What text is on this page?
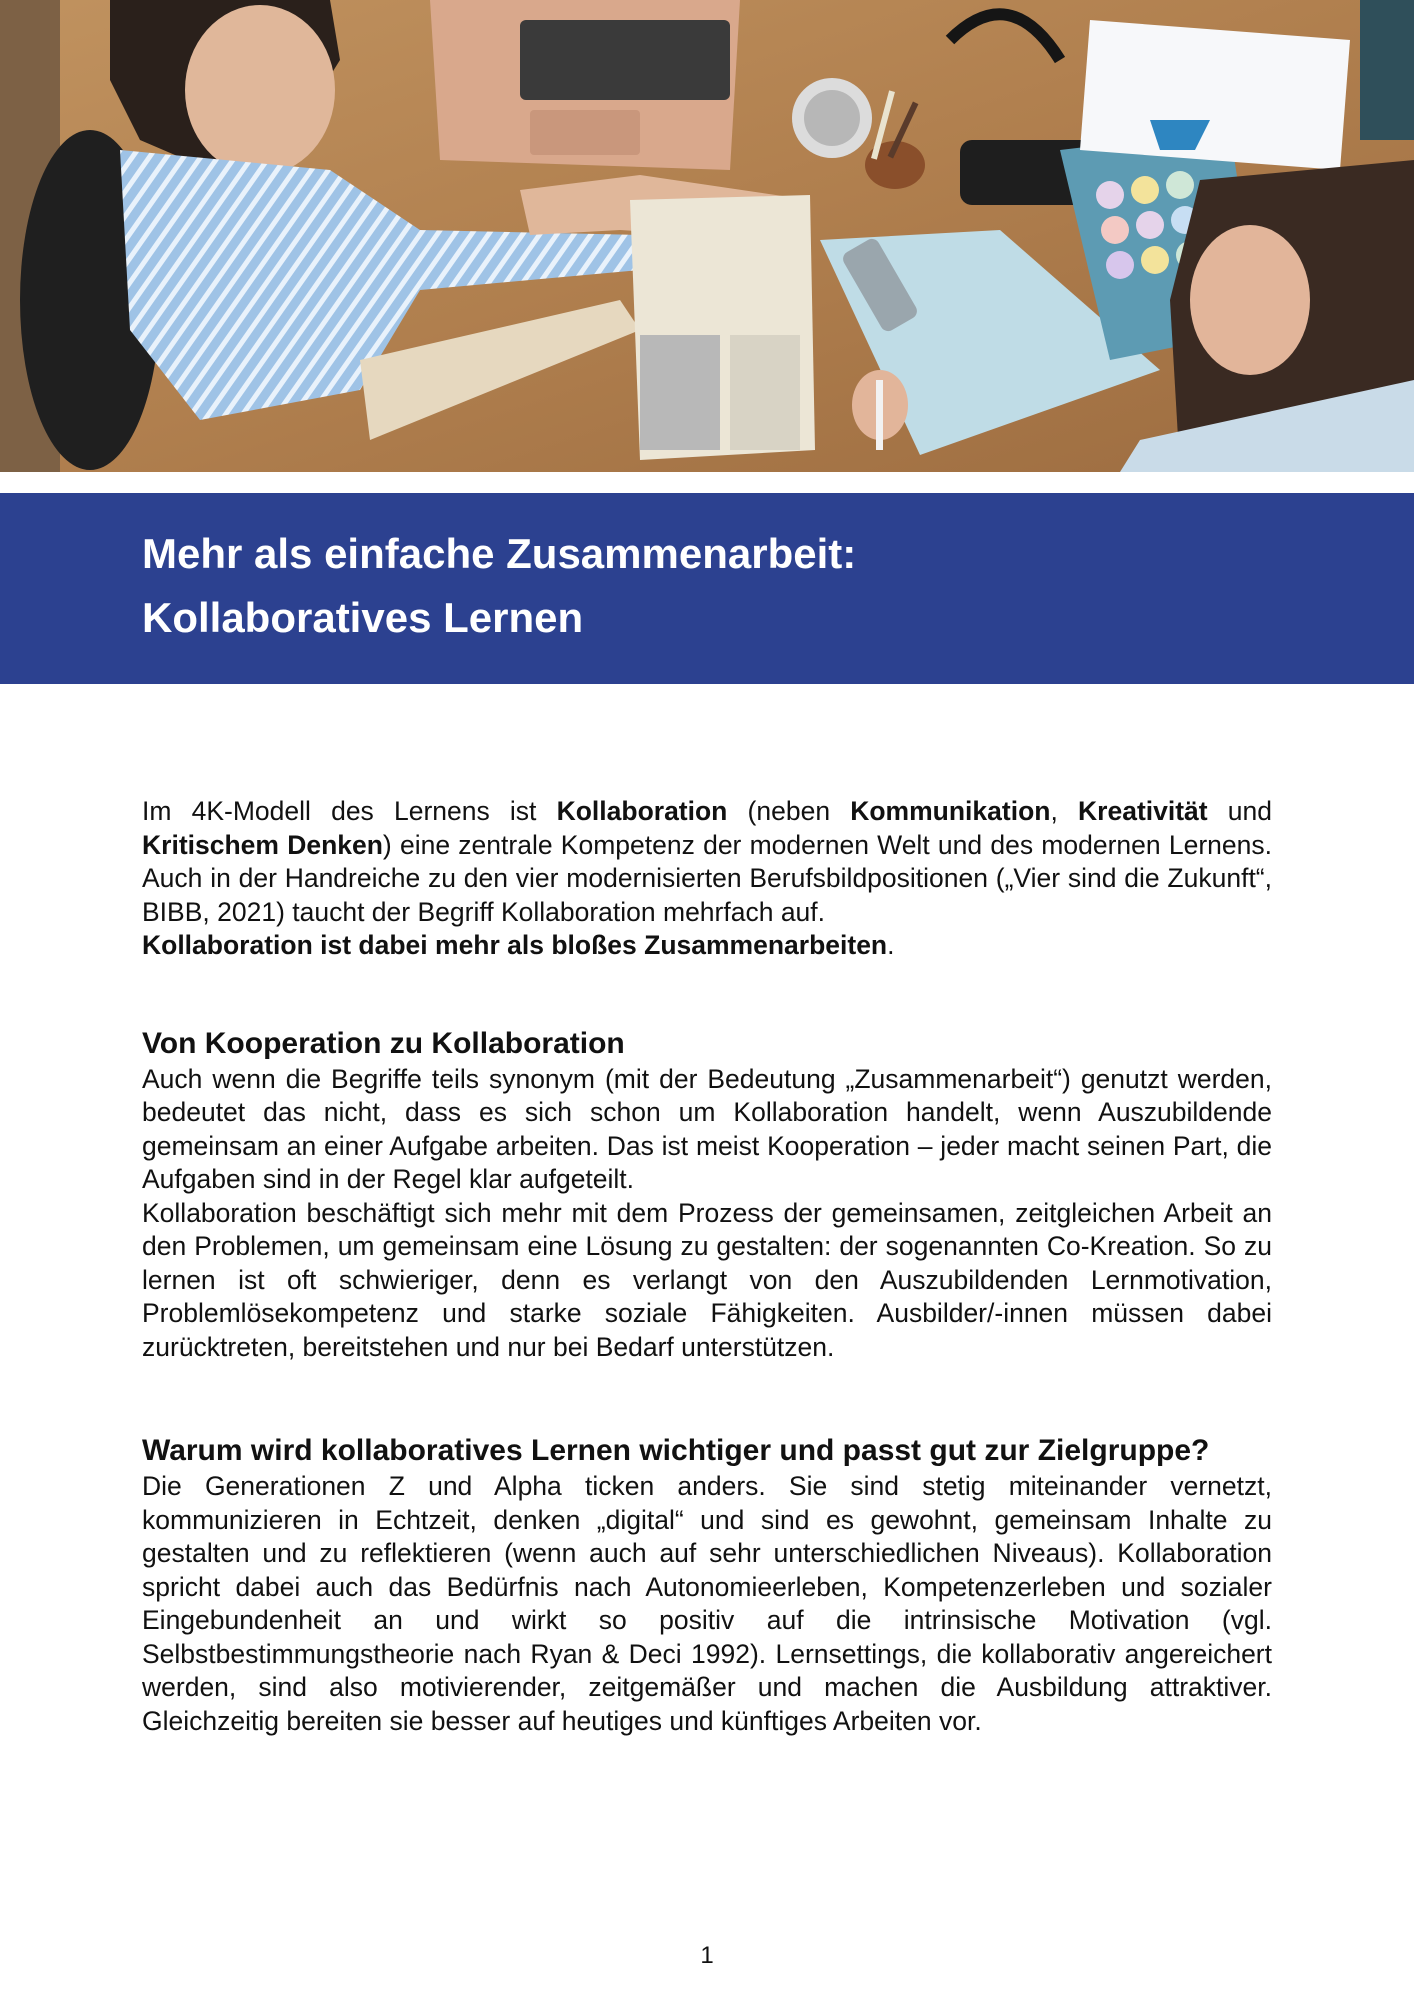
Mehr als einfache Zusammenarbeit:
Kollaboratives Lernen

Im 4K-Modell des Lernens ist Kollaboration (neben Kommunikation, Kreativität und Kritischem Denken) eine zentrale Kompetenz der modernen Welt und des modernen Lernens. Auch in der Handreiche zu den vier modernisierten Berufsbildpositionen („Vier sind die Zukunft“, BIBB, 2021) taucht der Begriff Kollaboration mehrfach auf.

Kollaboration ist dabei mehr als bloßes Zusammenarbeiten.

Von Kooperation zu Kollaboration

Auch wenn die Begriffe teils synonym (mit der Bedeutung „Zusammenarbeit“) genutzt werden, bedeutet das nicht, dass es sich schon um Kollaboration handelt, wenn Auszubildende gemeinsam an einer Aufgabe arbeiten. Das ist meist Kooperation – jeder macht seinen Part, die Aufgaben sind in der Regel klar aufgeteilt.

Kollaboration beschäftigt sich mehr mit dem Prozess der gemeinsamen, zeitgleichen Arbeit an den Problemen, um gemeinsam eine Lösung zu gestalten: der sogenannten Co-Kreation. So zu lernen ist oft schwieriger, denn es verlangt von den Auszubildenden Lernmotivation, Problemlösekompetenz und starke soziale Fähigkeiten. Ausbilder/-innen müssen dabei zurücktreten, bereitstehen und nur bei Bedarf unterstützen.

Warum wird kollaboratives Lernen wichtiger und passt gut zur Zielgruppe?

Die Generationen Z und Alpha ticken anders. Sie sind stetig miteinander vernetzt, kommunizieren in Echtzeit, denken „digital“ und sind es gewohnt, gemeinsam Inhalte zu gestalten und zu reflektieren (wenn auch auf sehr unterschiedlichen Niveaus). Kollaboration spricht dabei auch das Bedürfnis nach Autonomieerleben, Kompetenzerleben und sozialer Eingebundenheit an und wirkt so positiv auf die intrinsische Motivation (vgl. Selbstbestimmungstheorie nach Ryan & Deci 1992). Lernsettings, die kollaborativ angereichert werden, sind also motivierender, zeitgemäßer und machen die Ausbildung attraktiver. Gleichzeitig bereiten sie besser auf heutiges und künftiges Arbeiten vor.

1
